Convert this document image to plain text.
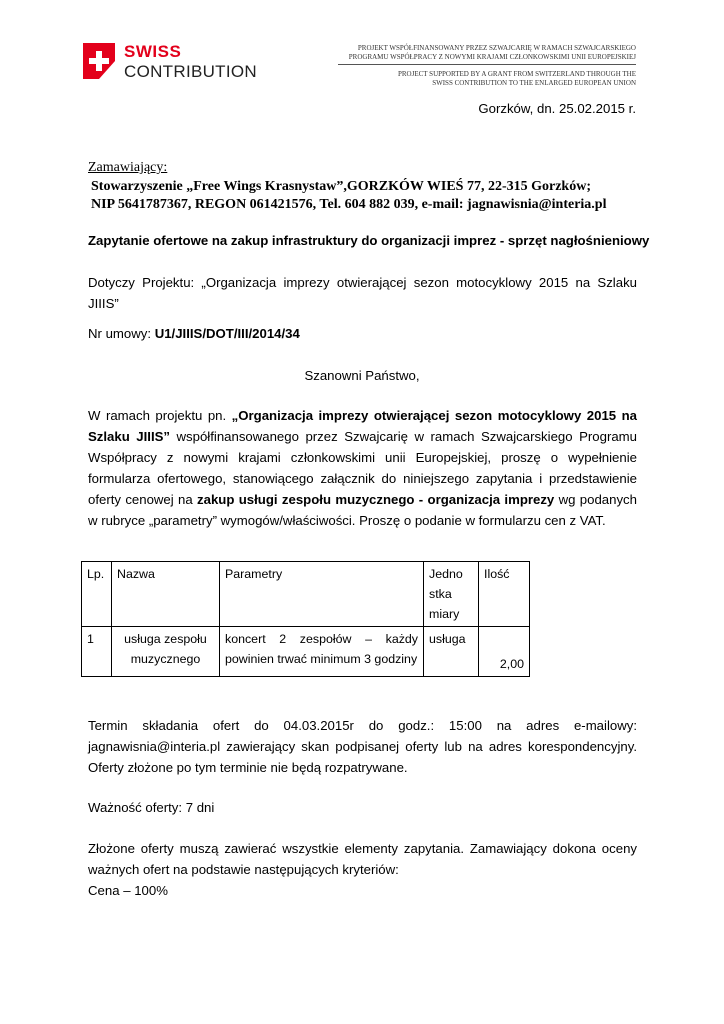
SWISS
CONTRIBUTION
PROJEKT WSPÓŁFINANSOWANY PRZEZ SZWAJCARIĘ W RAMACH SZWAJCARSKIEGO
PROGRAMU WSPÓŁPRACY Z NOWYMI KRAJAMI CZŁONKOWSKIMI UNII EUROPEJSKIEJ
PROJECT SUPPORTED BY A GRANT FROM SWITZERLAND THROUGH THE
SWISS CONTRIBUTION TO THE ENLARGED EUROPEAN UNION
Gorzków, dn. 25.02.2015 r.
Zamawiający:
Stowarzyszenie „Free Wings Krasnystaw”,GORZKÓW WIEŚ 77, 22-315 Gorzków;
NIP 5641787367, REGON 061421576, Tel. 604 882 039, e-mail: jagnawisnia@interia.pl
Zapytanie ofertowe na zakup infrastruktury do organizacji imprez - sprzęt nagłośnieniowy
Dotyczy Projektu: „Organizacja imprezy otwierającej sezon motocyklowy 2015 na Szlaku JIIIS”
Nr umowy: U1/JIIIS/DOT/III/2014/34
Szanowni Państwo,
W ramach projektu pn. „Organizacja imprezy otwierającej sezon motocyklowy 2015 na Szlaku JIIIS” współfinansowanego przez Szwajcarię w ramach Szwajcarskiego Programu Współpracy z nowymi krajami członkowskimi unii Europejskiej, proszę o wypełnienie formularza ofertowego, stanowiącego załącznik do niniejszego zapytania i przedstawienie oferty cenowej na zakup usługi zespołu muzycznego - organizacja imprezy wg podanych w rubryce „parametry” wymogów/właściwości. Proszę o podanie w formularzu cen z VAT.
Lp.	Nazwa	Parametry	Jedno stka miary	Ilość
1	usługa zespołu muzycznego	koncert 2 zespołów – każdy powinien trwać minimum 3 godziny	usługa	2,00
Termin składania ofert do 04.03.2015r do godz.: 15:00 na adres e-mailowy: jagnawisnia@interia.pl zawierający skan podpisanej oferty lub na adres korespondencyjny. Oferty złożone po tym terminie nie będą rozpatrywane.
Ważność oferty: 7 dni
Złożone oferty muszą zawierać wszystkie elementy zapytania. Zamawiający dokona oceny ważnych ofert na podstawie następujących kryteriów:
Cena – 100%
